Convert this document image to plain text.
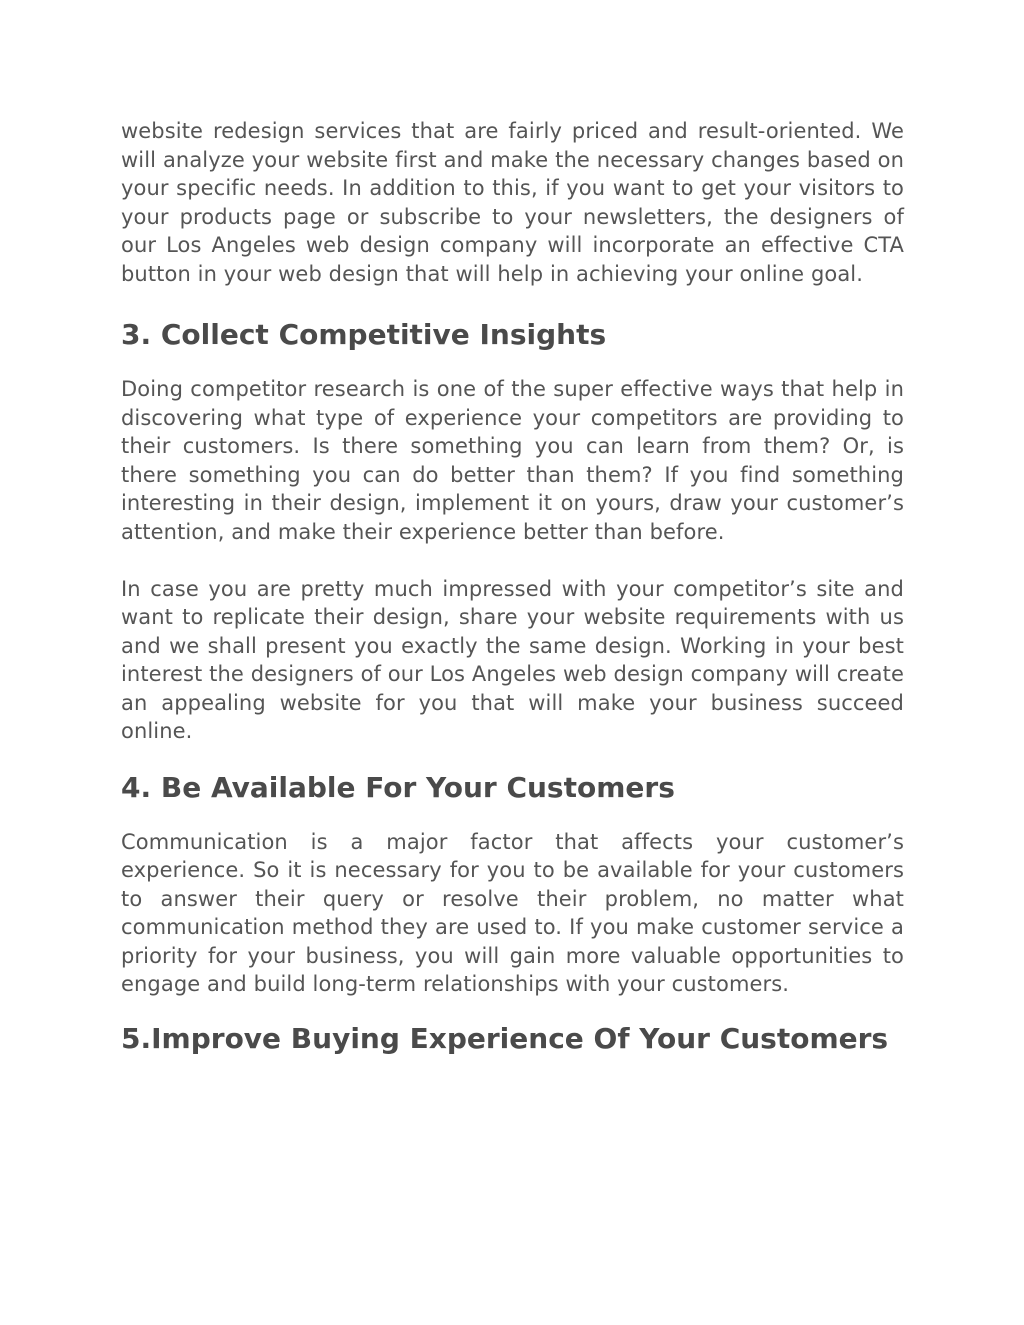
website redesign services that are fairly priced and result-oriented. We will analyze your website first and make the necessary changes based on your specific needs. In addition to this, if you want to get your visitors to your products page or subscribe to your newsletters, the designers of our Los Angeles web design company will incorporate an effective CTA button in your web design that will help in achieving your online goal.

3. Collect Competitive Insights

Doing competitor research is one of the super effective ways that help in discovering what type of experience your competitors are providing to their customers. Is there something you can learn from them? Or, is there something you can do better than them? If you find something interesting in their design, implement it on yours, draw your customer’s attention, and make their experience better than before.

In case you are pretty much impressed with your competitor’s site and want to replicate their design, share your website requirements with us and we shall present you exactly the same design. Working in your best interest the designers of our Los Angeles web design company will create an appealing website for you that will make your business succeed online.

4. Be Available For Your Customers

Communication is a major factor that affects your customer’s experience. So it is necessary for you to be available for your customers to answer their query or resolve their problem, no matter what communication method they are used to. If you make customer service a priority for your business, you will gain more valuable opportunities to engage and build long-term relationships with your customers.

5.Improve Buying Experience Of Your Customers
